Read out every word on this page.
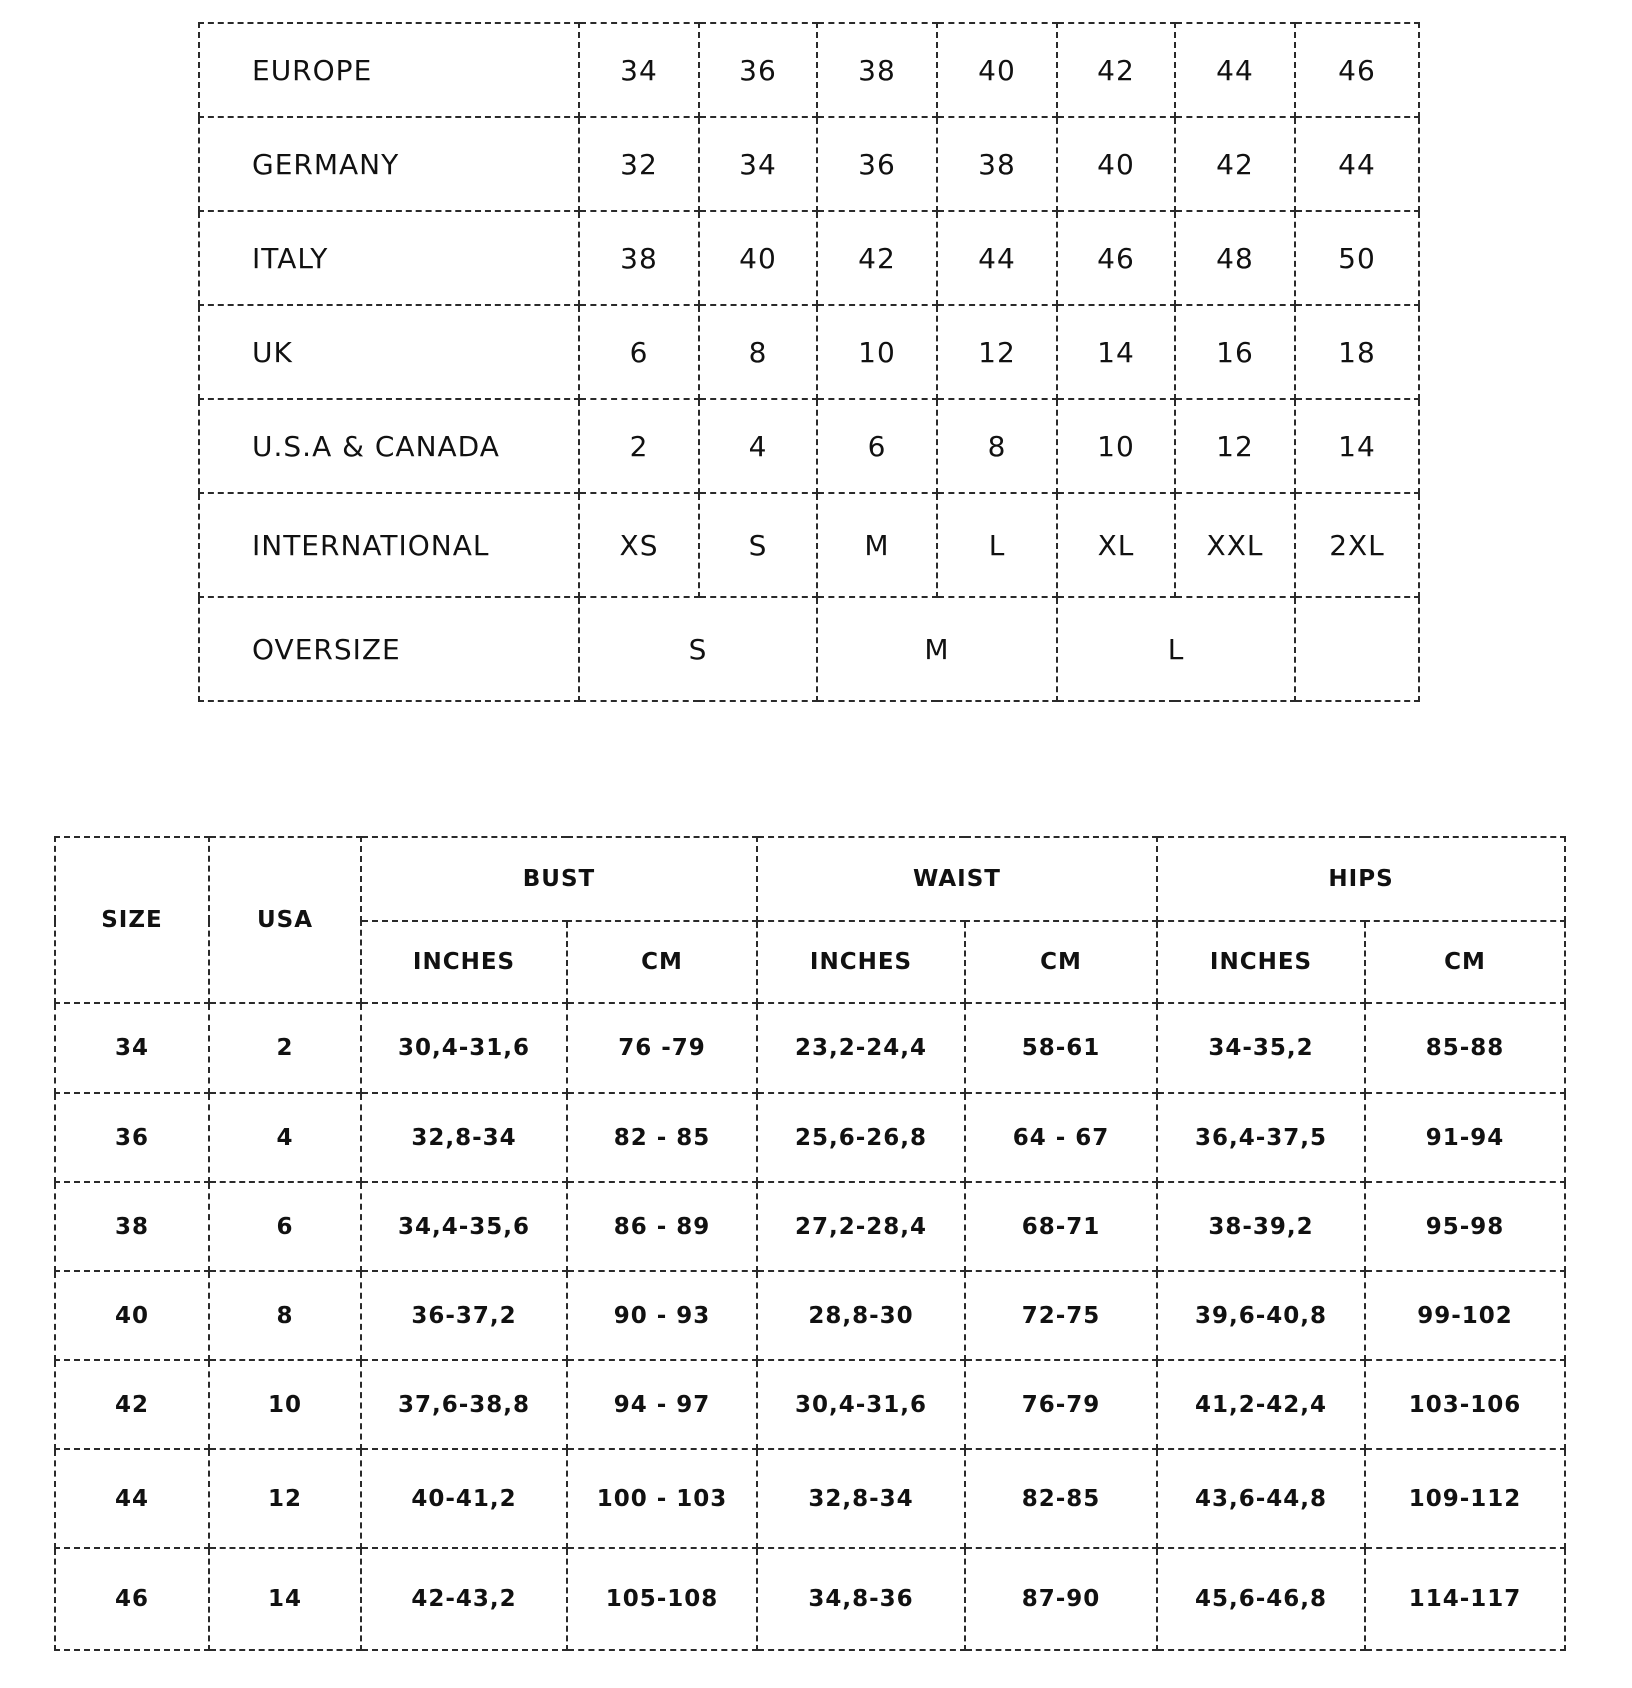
EUROPE	34	36	38	40	42	44	46
GERMANY	32	34	36	38	40	42	44
ITALY	38	40	42	44	46	48	50
UK	6	8	10	12	14	16	18
U.S.A & CANADA	2	4	6	8	10	12	14
INTERNATIONAL	XS	S	M	L	XL	XXL	2XL
OVERSIZE	S		M		L		
SIZE	USA	BUST		WAIST		HIPS	
		INCHES	CM	INCHES	CM	INCHES	CM
34	2	30,4-31,6	76 -79	23,2-24,4	58-61	34-35,2	85-88
36	4	32,8-34	82 - 85	25,6-26,8	64 - 67	36,4-37,5	91-94
38	6	34,4-35,6	86 - 89	27,2-28,4	68-71	38-39,2	95-98
40	8	36-37,2	90 - 93	28,8-30	72-75	39,6-40,8	99-102
42	10	37,6-38,8	94 - 97	30,4-31,6	76-79	41,2-42,4	103-106
44	12	40-41,2	100 - 103	32,8-34	82-85	43,6-44,8	109-112
46	14	42-43,2	105-108	34,8-36	87-90	45,6-46,8	114-117
